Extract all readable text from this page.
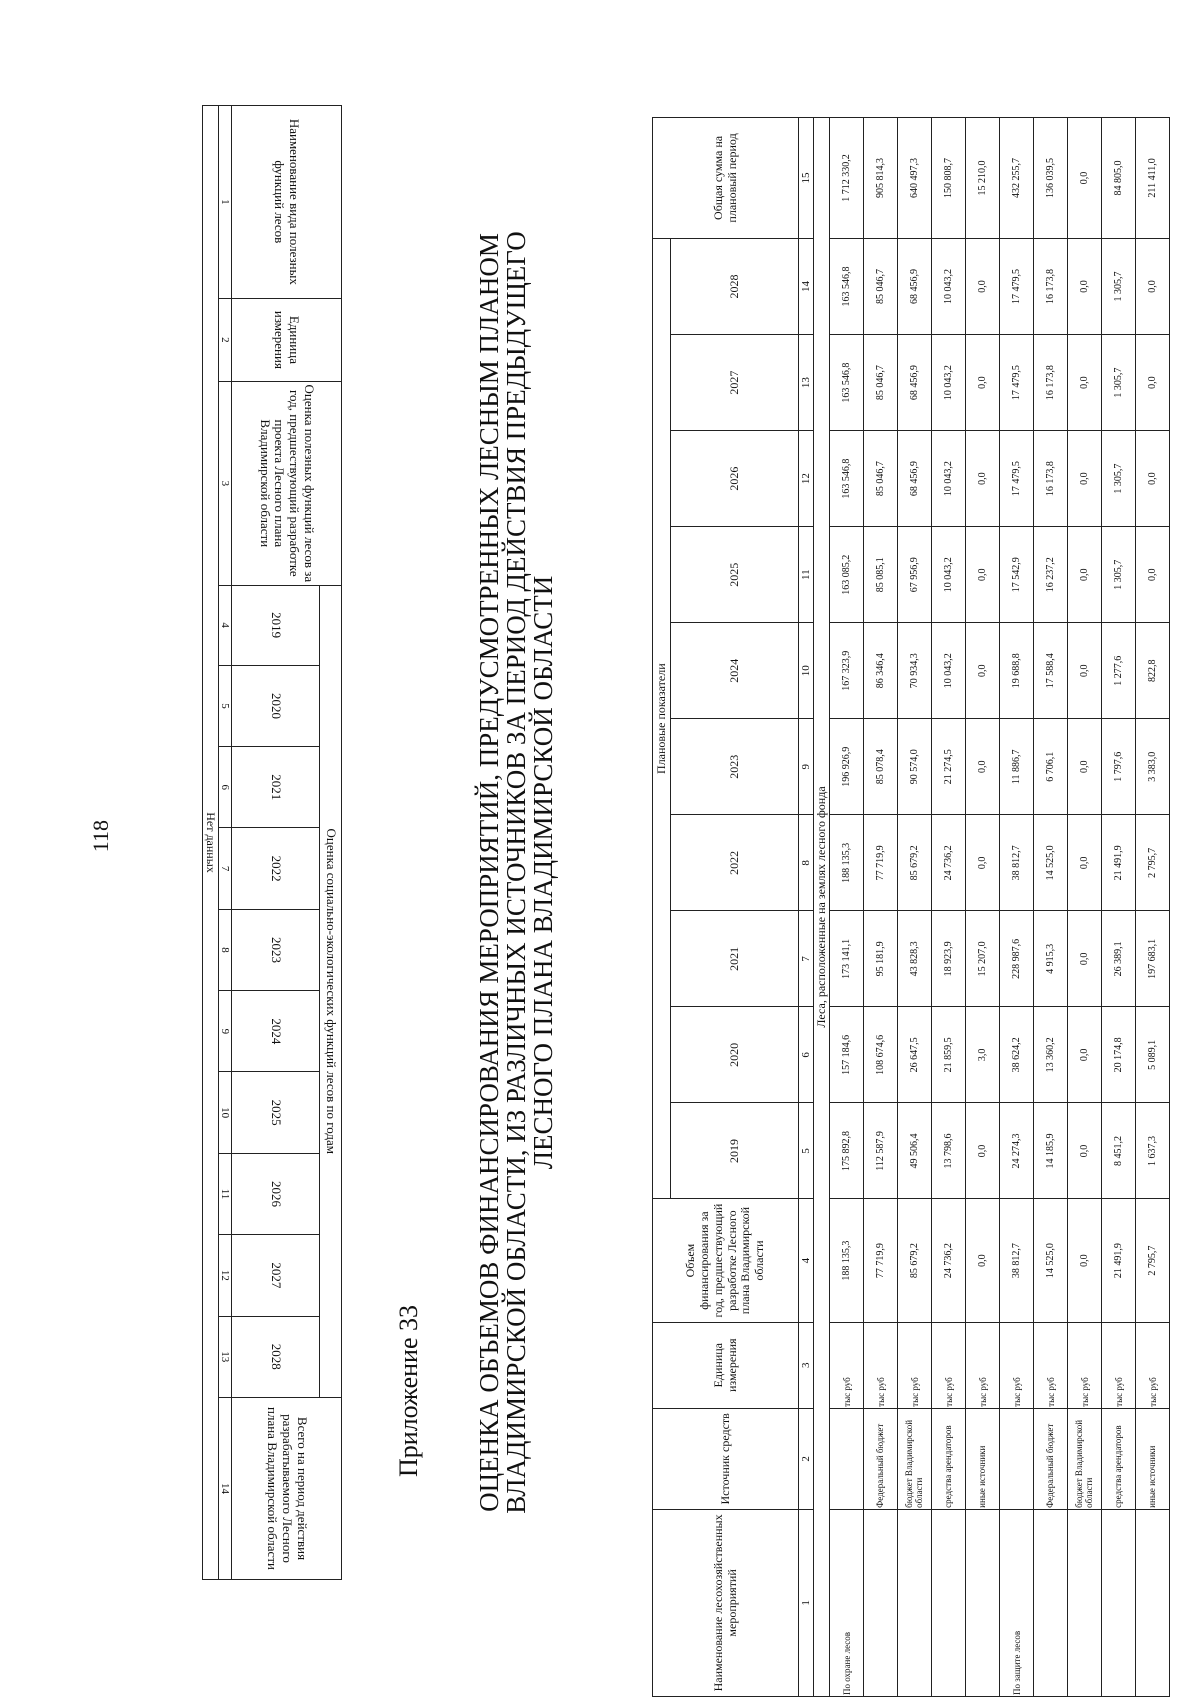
118
Наименование вида полезных функций лесов	Единица измерения	Оценка полезных функций лесов за год, предшествующий разработке проекта Лесного плана Владимирской области	Оценка социально-экологических функций лесов по годам										Всего на период действия разрабатываемого Лесного плана Владимирской области
			2019	2020	2021	2022	2023	2024	2025	2026	2027	2028	
1	2	3	4	5	6	7	8	9	10	11	12	13	14
Нет данных													
Приложение 33 ОЦЕНКА ОБЪЕМОВ ФИНАНСИРОВАНИЯ МЕРОПРИЯТИЙ, ПРЕДУСМОТРЕННЫХ ЛЕСНЫМ ПЛАНОМ
ВЛАДИМИРСКОЙ ОБЛАСТИ, ИЗ РАЗЛИЧНЫХ ИСТОЧНИКОВ ЗА ПЕРИОД ДЕЙСТВИЯ ПРЕДЫДУЩЕГО
ЛЕСНОГО ПЛАНА ВЛАДИМИРСКОЙ ОБЛАСТИ
Наименование лесохозяйственных мероприятий	Источник средств	Единица измерения	Объем финансирования за год, предшествующий разработке Лесного плана Владимирской области	Плановые показатели										Общая сумма на плановый период
				2019	2020	2021	2022	2023	2024	2025	2026	2027	2028	
1	2	3	4	5	6	7	8	9	10	11	12	13	14	15
Леса, расположенные на землях лесного фонда														
По охране лесов		тыс руб	188 135,3	175 892,8	157 184,6	173 141,1	188 135,3	196 926,9	167 323,9	163 085,2	163 546,8	163 546,8	163 546,8	1 712 330,2
	Федеральный бюджет	тыс руб	77 719,9	112 587,9	108 674,6	95 181,9	77 719,9	85 078,4	86 346,4	85 085,1	85 046,7	85 046,7	85 046,7	905 814,3
	бюджет Владимирской области	тыс руб	85 679,2	49 506,4	26 647,5	43 828,3	85 679,2	90 574,0	70 934,3	67 956,9	68 456,9	68 456,9	68 456,9	640 497,3
	средства арендаторов	тыс руб	24 736,2	13 798,6	21 859,5	18 923,9	24 736,2	21 274,5	10 043,2	10 043,2	10 043,2	10 043,2	10 043,2	150 808,7
	иные источники	тыс руб	0,0	0,0	3,0	15 207,0	0,0	0,0	0,0	0,0	0,0	0,0	0,0	15 210,0
По защите лесов		тыс руб	38 812,7	24 274,3	38 624,2	228 987,6	38 812,7	11 886,7	19 688,8	17 542,9	17 479,5	17 479,5	17 479,5	432 255,7
	Федеральный бюджет	тыс руб	14 525,0	14 185,9	13 360,2	4 915,3	14 525,0	6 706,1	17 588,4	16 237,2	16 173,8	16 173,8	16 173,8	136 039,5
	бюджет Владимирской области	тыс руб	0,0	0,0	0,0	0,0	0,0	0,0	0,0	0,0	0,0	0,0	0,0	0,0
	средства арендаторов	тыс руб	21 491,9	8 451,2	20 174,8	26 389,1	21 491,9	1 797,6	1 277,6	1 305,7	1 305,7	1 305,7	1 305,7	84 805,0
	иные источники	тыс руб	2 795,7	1 637,3	5 089,1	197 683,1	2 795,7	3 383,0	822,8	0,0	0,0	0,0	0,0	211 411,0
